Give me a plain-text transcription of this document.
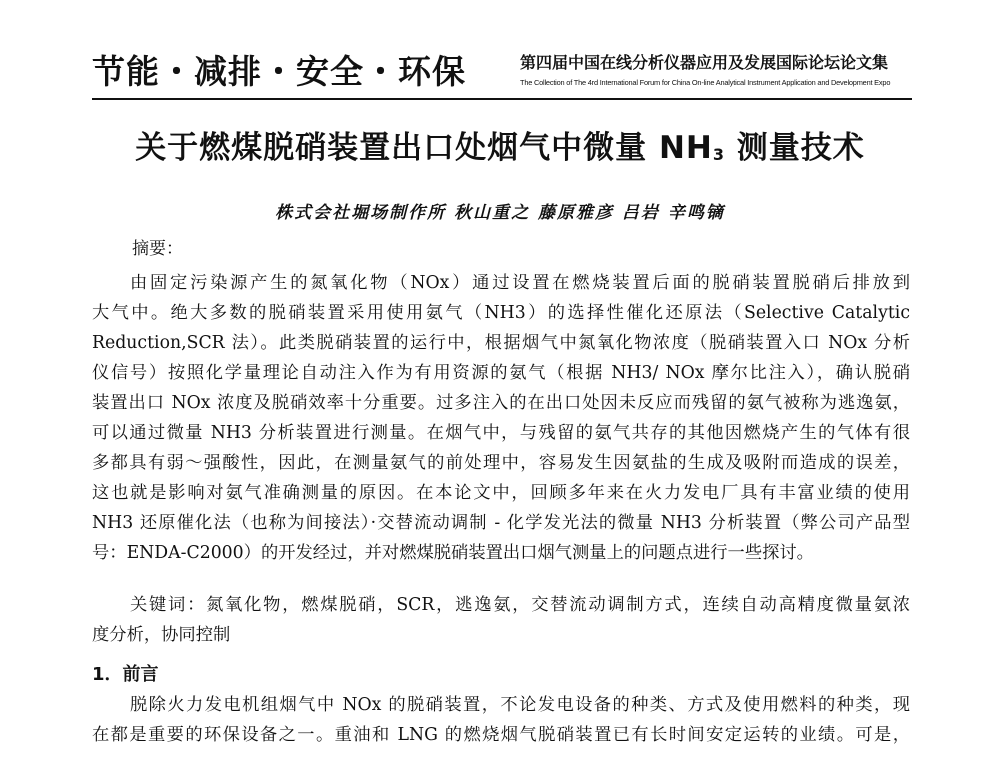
节能・减排・安全・环保	第四届中国在线分析仪器应用及发展国际论坛论文集
The Collection of The 4rd International Forum for China On-line Analytical Instrument Application and Development Expo
关于燃煤脱硝装置出口处烟气中微量 $NH_3$ 测量技术
株式会社堀场制作所 秋山重之 藤原雅彦 吕岩 辛鸣镝
摘要：
由固定污染源产生的氮氧化物（NOx）通过设置在燃烧装置后面的脱硝装置脱硝后排放到
大气中。绝大多数的脱硝装置采用使用氨气（NH3）的选择性催化还原法（Selective Catalytic
Reduction,SCR 法）。此类脱硝装置的运行中，根据烟气中氮氧化物浓度（脱硝装置入口 NOx 分析
仪信号）按照化学量理论自动注入作为有用资源的氨气（根据 NH3/ NOx 摩尔比注入），确认脱硝
装置出口 NOx 浓度及脱硝效率十分重要。过多注入的在出口处因未反应而残留的氨气被称为逃逸氨，
可以通过微量 NH3 分析装置进行测量。在烟气中，与残留的氨气共存的其他因燃烧产生的气体有很
多都具有弱～强酸性，因此，在测量氨气的前处理中，容易发生因氨盐的生成及吸附而造成的误差，
这也就是影响对氨气准确测量的原因。在本论文中，回顾多年来在火力发电厂具有丰富业绩的使用
NH3 还原催化法（也称为间接法）·交替流动调制 - 化学发光法的微量 NH3 分析装置（弊公司产品型
号：ENDA-C2000）的开发经过，并对燃煤脱硝装置出口烟气测量上的问题点进行一些探讨。
关键词：氮氧化物，燃煤脱硝，SCR，逃逸氨，交替流动调制方式，连续自动高精度微量氨浓
度分析，协同控制
1．前言
脱除火力发电机组烟气中 NOx 的脱硝装置，不论发电设备的种类、方式及使用燃料的种类，现
在都是重要的环保设备之一。重油和 LNG 的燃烧烟气脱硝装置已有长时间安定运转的业绩。可是，
